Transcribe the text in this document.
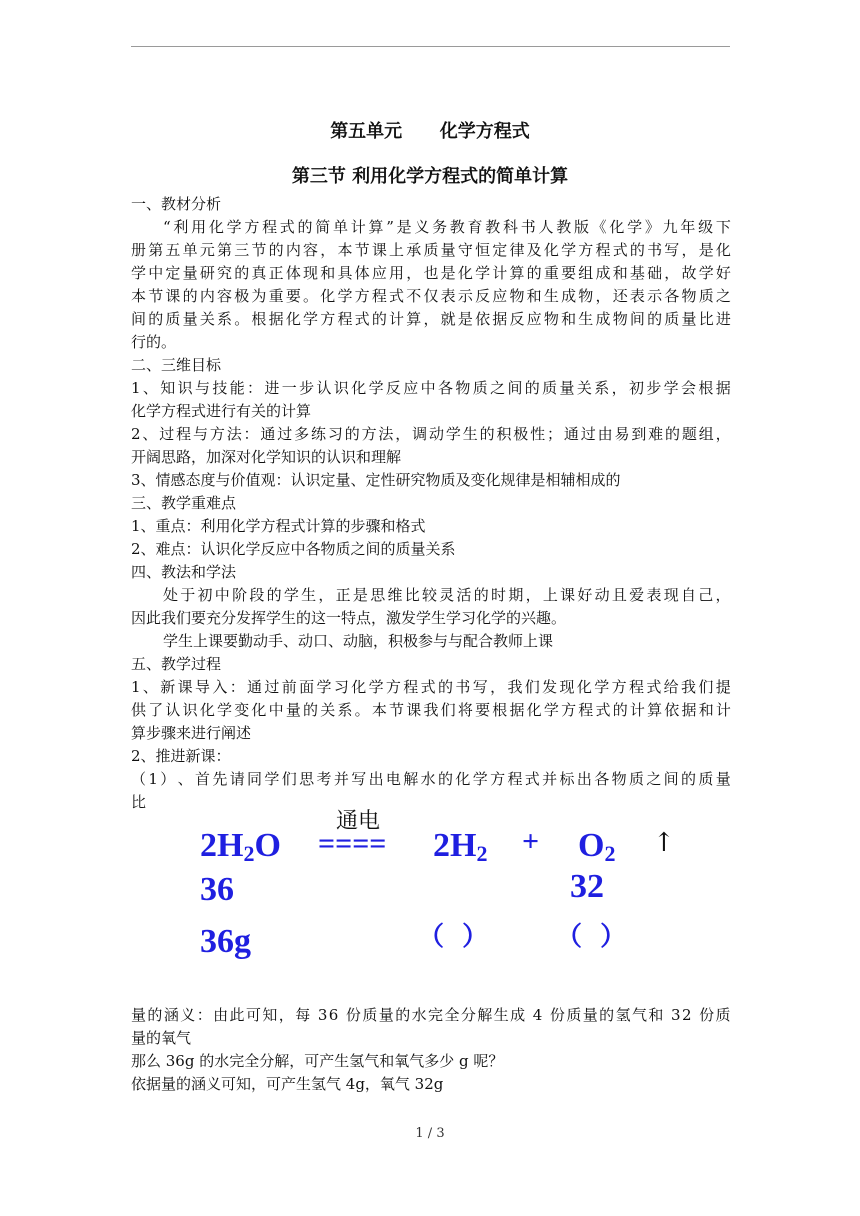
第五单元      化学方程式
第三节 利用化学方程式的简单计算
一、教材分析
“ 利 用 化 学 方 程 式 的 简 单 计 算 ” 是 义 务 教 育 教 科 书 人 教 版 《 化 学 》 九 年 级 下
册 第 五 单 元 第 三 节 的 内 容 ， 本 节 课 上 承 质 量 守 恒 定 律 及 化 学 方 程 式 的 书 写 ， 是 化
学 中 定 量 研 究 的 真 正 体 现 和 具 体 应 用 ， 也 是 化 学 计 算 的 重 要 组 成 和 基 础 ， 故 学 好
本 节 课 的 内 容 极 为 重 要 。 化 学 方 程 式 不 仅 表 示 反 应 物 和 生 成 物 ， 还 表 示 各 物 质 之
间 的 质 量 关 系 。 根 据 化 学 方 程 式 的 计 算 ， 就 是 依 据 反 应 物 和 生 成 物 间 的 质 量 比 进
行的。
二、三维目标
1 、 知 识 与 技 能 ： 进 一 步 认 识 化 学 反 应 中 各 物 质 之 间 的 质 量 关 系 ， 初 步 学 会 根 据
化学方程式进行有关的计算
2 、 过 程 与 方 法 ： 通 过 多 练 习 的 方 法 ， 调 动 学 生 的 积 极 性 ； 通 过 由 易 到 难 的 题 组 ，
开阔思路，加深对化学知识的认识和理解
3、情感态度与价值观：认识定量、定性研究物质及变化规律是相辅相成的
三、教学重难点
1、重点：利用化学方程式计算的步骤和格式
2、难点：认识化学反应中各物质之间的质量关系
四、教法和学法
处 于 初 中 阶 段 的 学 生 ， 正 是 思 维 比 较 灵 活 的 时 期 ， 上 课 好 动 且 爱 表 现 自 己 ，
因此我们要充分发挥学生的这一特点，激发学生学习化学的兴趣。
学生上课要勤动手、动口、动脑，积极参与与配合教师上课
五、教学过程
1 、 新 课 导 入 ： 通 过 前 面 学 习 化 学 方 程 式 的 书 写 ， 我 们 发 现 化 学 方 程 式 给 我 们 提
供 了 认 识 化 学 变 化 中 量 的 关 系 。 本 节 课 我 们 将 要 根 据 化 学 方 程 式 的 计 算 依 据 和 计
算步骤来进行阐述
2、推进新课：
（ 1 ） 、 首 先 请 同 学 们 思 考 并 写 出 电 解 水 的 化 学 方 程 式 并 标 出 各 物 质 之 间 的 质 量
比
通电
$2H_2O$ ==== $2H_2 + O_2$ ↑
36	32
36g	（  ）	（  ）
量 的 涵 义 ： 由 此 可 知 ， 每
3 6
份 质 量 的 水 完 全 分 解 生 成
4
份 质 量 的 氢 气 和
3 2
份 质
量的氧气
那么 36g 的水完全分解，可产生氢气和氧气多少 g 呢？
依据量的涵义可知，可产生氢气 4g，氧气 32g
1 / 3
